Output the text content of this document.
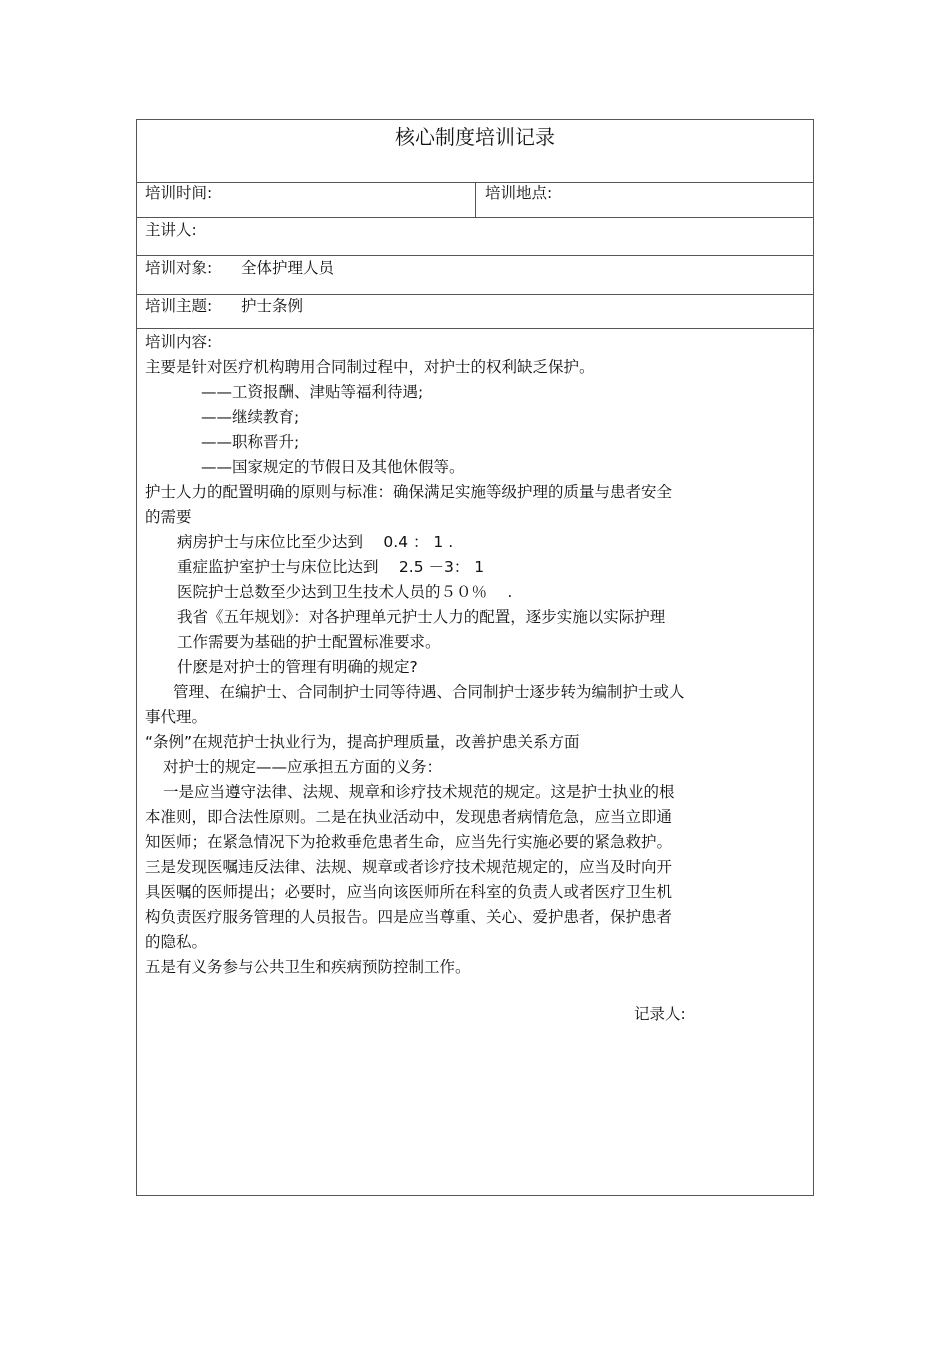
核心制度培训记录
培训时间:	培训地点:
主讲人:
培训对象: 全体护理人员
培训主题: 护士条例
培训内容:
主要是针对医疗机构聘用合同制过程中，对护士的权利缺乏保护。
——工资报酬、津贴等福利待遇;
——继续教育;
——职称晋升;
——国家规定的节假日及其他休假等。
护士人力的配置明确的原则与标准：确保满足实施等级护理的质量与患者安全
的需要
病房护士与床位比至少达到　 0.4 ： 1 .
重症监护室护士与床位比达到　 2.5 －3： 1
医院护士总数至少达到卫生技术人员的５０％　 .
我省《五年规划》：对各护理单元护士人力的配置，逐步实施以实际护理
工作需要为基础的护士配置标准要求。
什麽是对护士的管理有明确的规定?
管理、在编护士、合同制护士同等待遇、合同制护士逐步转为编制护士或人
事代理。
“条例”在规范护士执业行为，提高护理质量，改善护患关系方面
对护士的规定——应承担五方面的义务：
一是应当遵守法律、法规、规章和诊疗技术规范的规定。这是护士执业的根
本准则，即合法性原则。二是在执业活动中，发现患者病情危急，应当立即通
知医师；在紧急情况下为抢救垂危患者生命，应当先行实施必要的紧急救护。
三是发现医嘱违反法律、法规、规章或者诊疗技术规范规定的，应当及时向开
具医嘱的医师提出；必要时，应当向该医师所在科室的负责人或者医疗卫生机
构负责医疗服务管理的人员报告。四是应当尊重、关心、爱护患者，保护患者
的隐私。
五是有义务参与公共卫生和疾病预防控制工作。
记录人:
